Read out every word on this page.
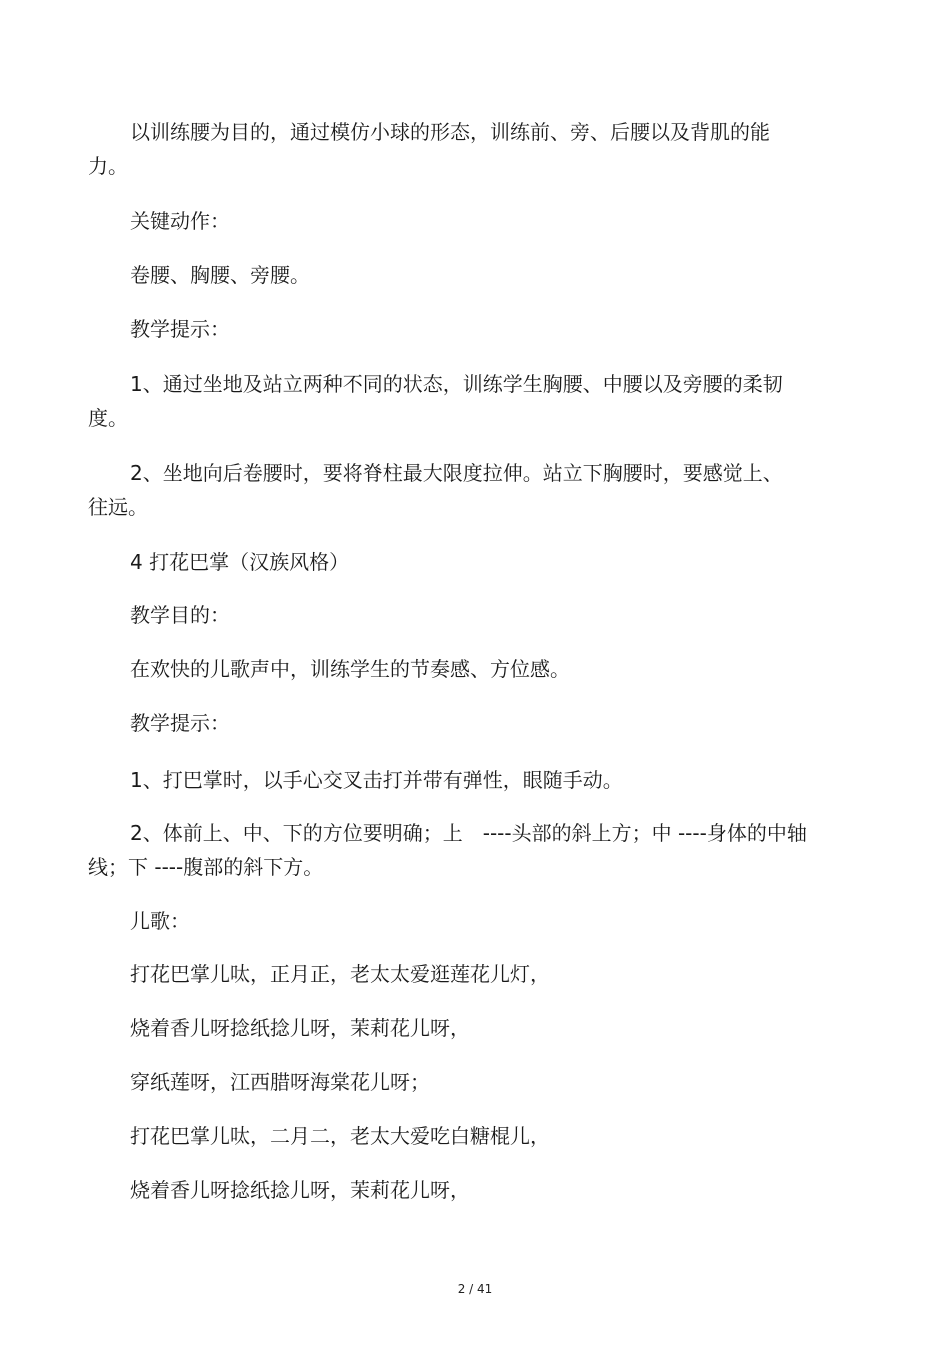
以训练腰为目的，通过模仿小球的形态，训练前、旁、后腰以及背肌的能
力。

关键动作：

卷腰、胸腰、旁腰。

教学提示：

1、通过坐地及站立两种不同的状态，训练学生胸腰、中腰以及旁腰的柔韧
度。

2、坐地向后卷腰时，要将脊柱最大限度拉伸。站立下胸腰时，要感觉上、
往远。

4 打花巴掌（汉族风格）

教学目的：

在欢快的儿歌声中，训练学生的节奏感、方位感。

教学提示：

1、打巴掌时，以手心交叉击打并带有弹性，眼随手动。

2、体前上、中、下的方位要明确；上　----头部的斜上方；中 ----身体的中轴
线；下 ----腹部的斜下方。

儿歌：

打花巴掌儿呔，正月正，老太太爱逛莲花儿灯，

烧着香儿呀捻纸捻儿呀，茉莉花儿呀，

穿纸莲呀，江西腊呀海棠花儿呀；

打花巴掌儿呔，二月二，老太大爱吃白糖棍儿，

烧着香儿呀捻纸捻儿呀，茉莉花儿呀，

2 / 41
